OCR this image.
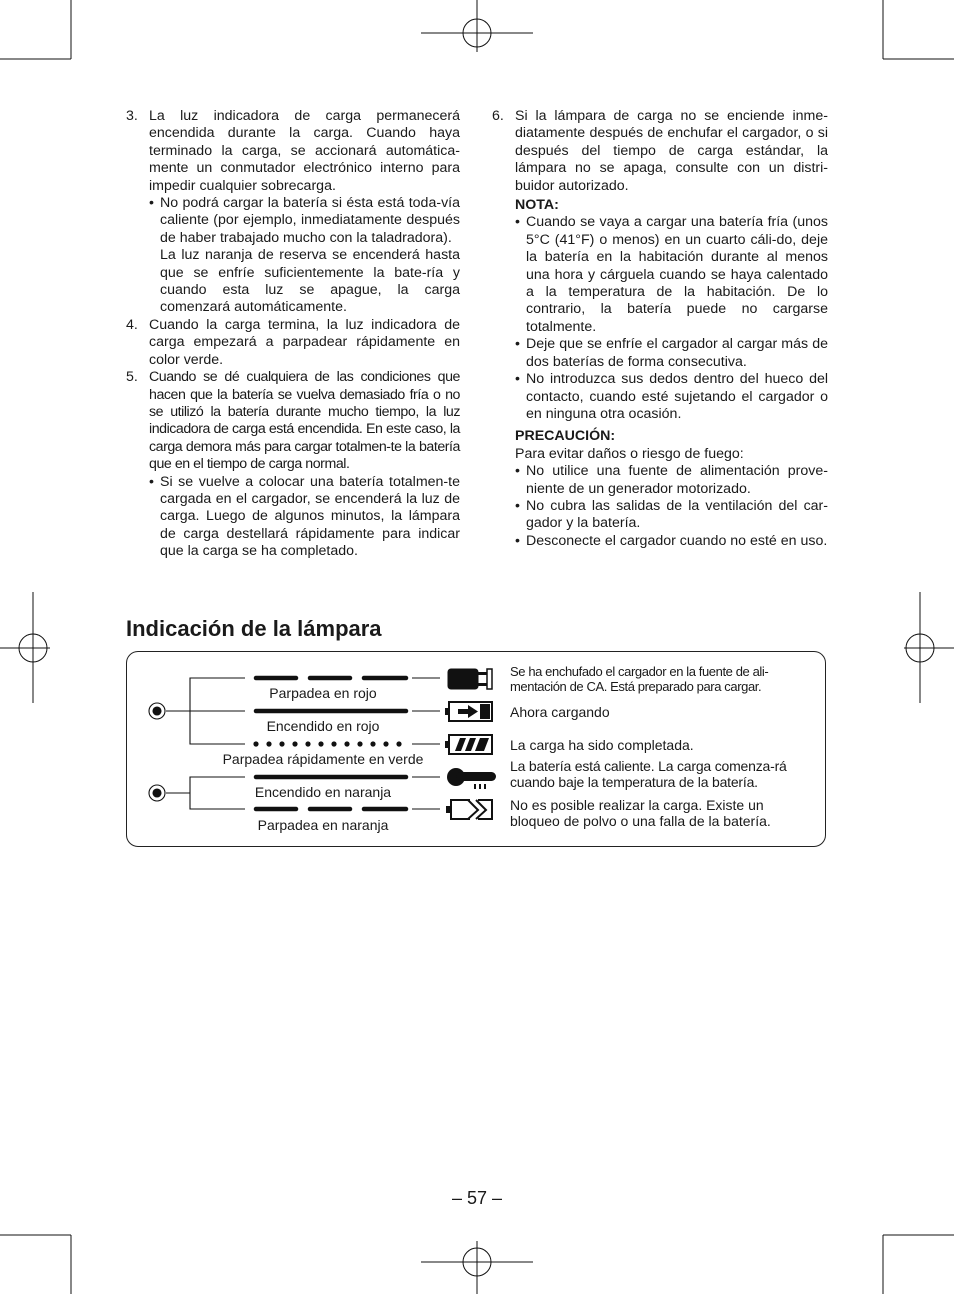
3. La luz indicadora de carga permanecerá encendida durante la carga. Cuando haya terminado la carga, se accionará automática-mente un conmutador electrónico interno para impedir cualquier sobrecarga.

• No podrá cargar la batería si ésta está toda-vía caliente (por ejemplo, inmediatamente después de haber trabajado mucho con la taladradora).

La luz naranja de reserva se encenderá hasta que se enfríe suficientemente la bate-ría y cuando esta luz se apague, la carga comenzará automáticamente.

4. Cuando la carga termina, la luz indicadora de carga empezará a parpadear rápidamente en color verde.

5. Cuando se dé cualquiera de las condiciones que hacen que la batería se vuelva demasiado fría o no se utilizó la batería durante mucho tiempo, la luz indicadora de carga está encendida. En este caso, la carga demora más para cargar totalmen-te la batería que en el tiempo de carga normal.

• Si se vuelve a colocar una batería totalmen-te cargada en el cargador, se encenderá la luz de carga. Luego de algunos minutos, la lámpara de carga destellará rápidamente para indicar que la carga se ha completado.

6. Si la lámpara de carga no se enciende inme-diatamente después de enchufar el cargador, o si después del tiempo de carga estándar, la lámpara no se apaga, consulte con un distri-buidor autorizado.

NOTA:

• Cuando se vaya a cargar una batería fría (unos 5°C (41°F) o menos) en un cuarto cáli-do, deje la batería en la habitación durante al menos una hora y cárguela cuando se haya calentado a la temperatura de la habitación. De lo contrario, la batería puede no cargarse totalmente.

• Deje que se enfríe el cargador al cargar más de dos baterías de forma consecutiva.

• No introduzca sus dedos dentro del hueco del contacto, cuando esté sujetando el cargador o en ninguna otra ocasión.

PRECAUCIÓN:

Para evitar daños o riesgo de fuego:

• No utilice una fuente de alimentación prove-niente de un generador motorizado.

• No cubra las salidas de la ventilación del car-gador y la batería.

• Desconecte el cargador cuando no esté en uso.

Indicación de la lámpara
Parpadea en rojo
Encendido en rojo
Parpadea rápidamente en verde
Encendido en naranja
Parpadea en naranja
Se ha enchufado el cargador en la fuente de ali-mentación de CA. Está preparado para cargar.
Ahora cargando
La carga ha sido completada.
La batería está caliente. La carga comenza-rá cuando baje la temperatura de la batería.
No es posible realizar la carga. Existe un bloqueo de polvo o una falla de la batería.
– 57 –
